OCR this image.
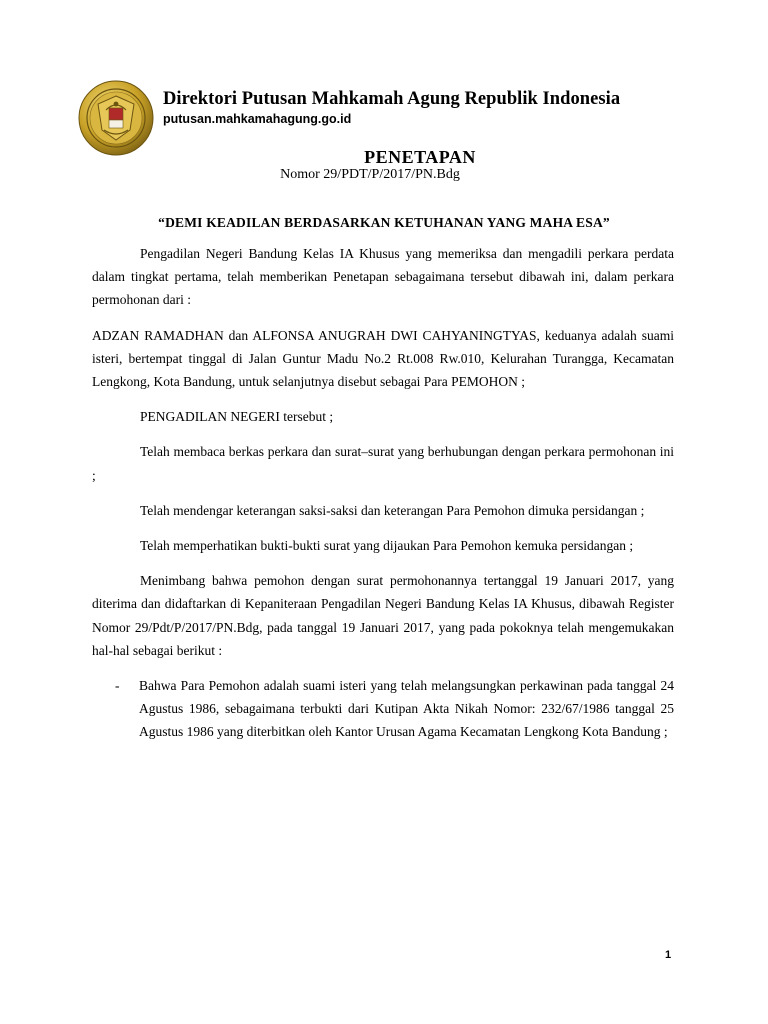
Direktori Putusan Mahkamah Agung Republik Indonesia
putusan.mahkamahagung.go.id
PENETAPAN
Nomor 29/PDT/P/2017/PN.Bdg
“DEMI KEADILAN BERDASARKAN KETUHANAN YANG MAHA ESA”

Pengadilan Negeri Bandung Kelas IA Khusus yang memeriksa dan mengadili perkara perdata dalam tingkat pertama, telah memberikan Penetapan sebagaimana tersebut dibawah ini, dalam perkara permohonan dari :

ADZAN RAMADHAN dan ALFONSA ANUGRAH DWI CAHYANINGTYAS, keduanya adalah suami isteri, bertempat tinggal di Jalan Guntur Madu No.2 Rt.008 Rw.010, Kelurahan Turangga, Kecamatan Lengkong, Kota Bandung, untuk selanjutnya disebut sebagai Para PEMOHON ;

PENGADILAN NEGERI tersebut ;

Telah membaca berkas perkara dan surat–surat yang berhubungan dengan perkara permohonan ini ;

Telah mendengar keterangan saksi-saksi dan keterangan Para Pemohon dimuka persidangan ;

Telah memperhatikan bukti-bukti surat yang dijaukan Para Pemohon kemuka persidangan ;

Menimbang bahwa pemohon dengan surat permohonannya tertanggal 19 Januari 2017, yang diterima dan didaftarkan di Kepaniteraan Pengadilan Negeri Bandung Kelas IA Khusus, dibawah Register Nomor 29/Pdt/P/2017/PN.Bdg, pada tanggal 19 Januari 2017, yang pada pokoknya telah mengemukakan hal-hal sebagai berikut :

- Bahwa Para Pemohon adalah suami isteri yang telah melangsungkan perkawinan pada tanggal 24 Agustus 1986, sebagaimana terbukti dari Kutipan Akta Nikah Nomor: 232/67/1986 tanggal 25 Agustus 1986 yang diterbitkan oleh Kantor Urusan Agama Kecamatan Lengkong Kota Bandung ;
1
